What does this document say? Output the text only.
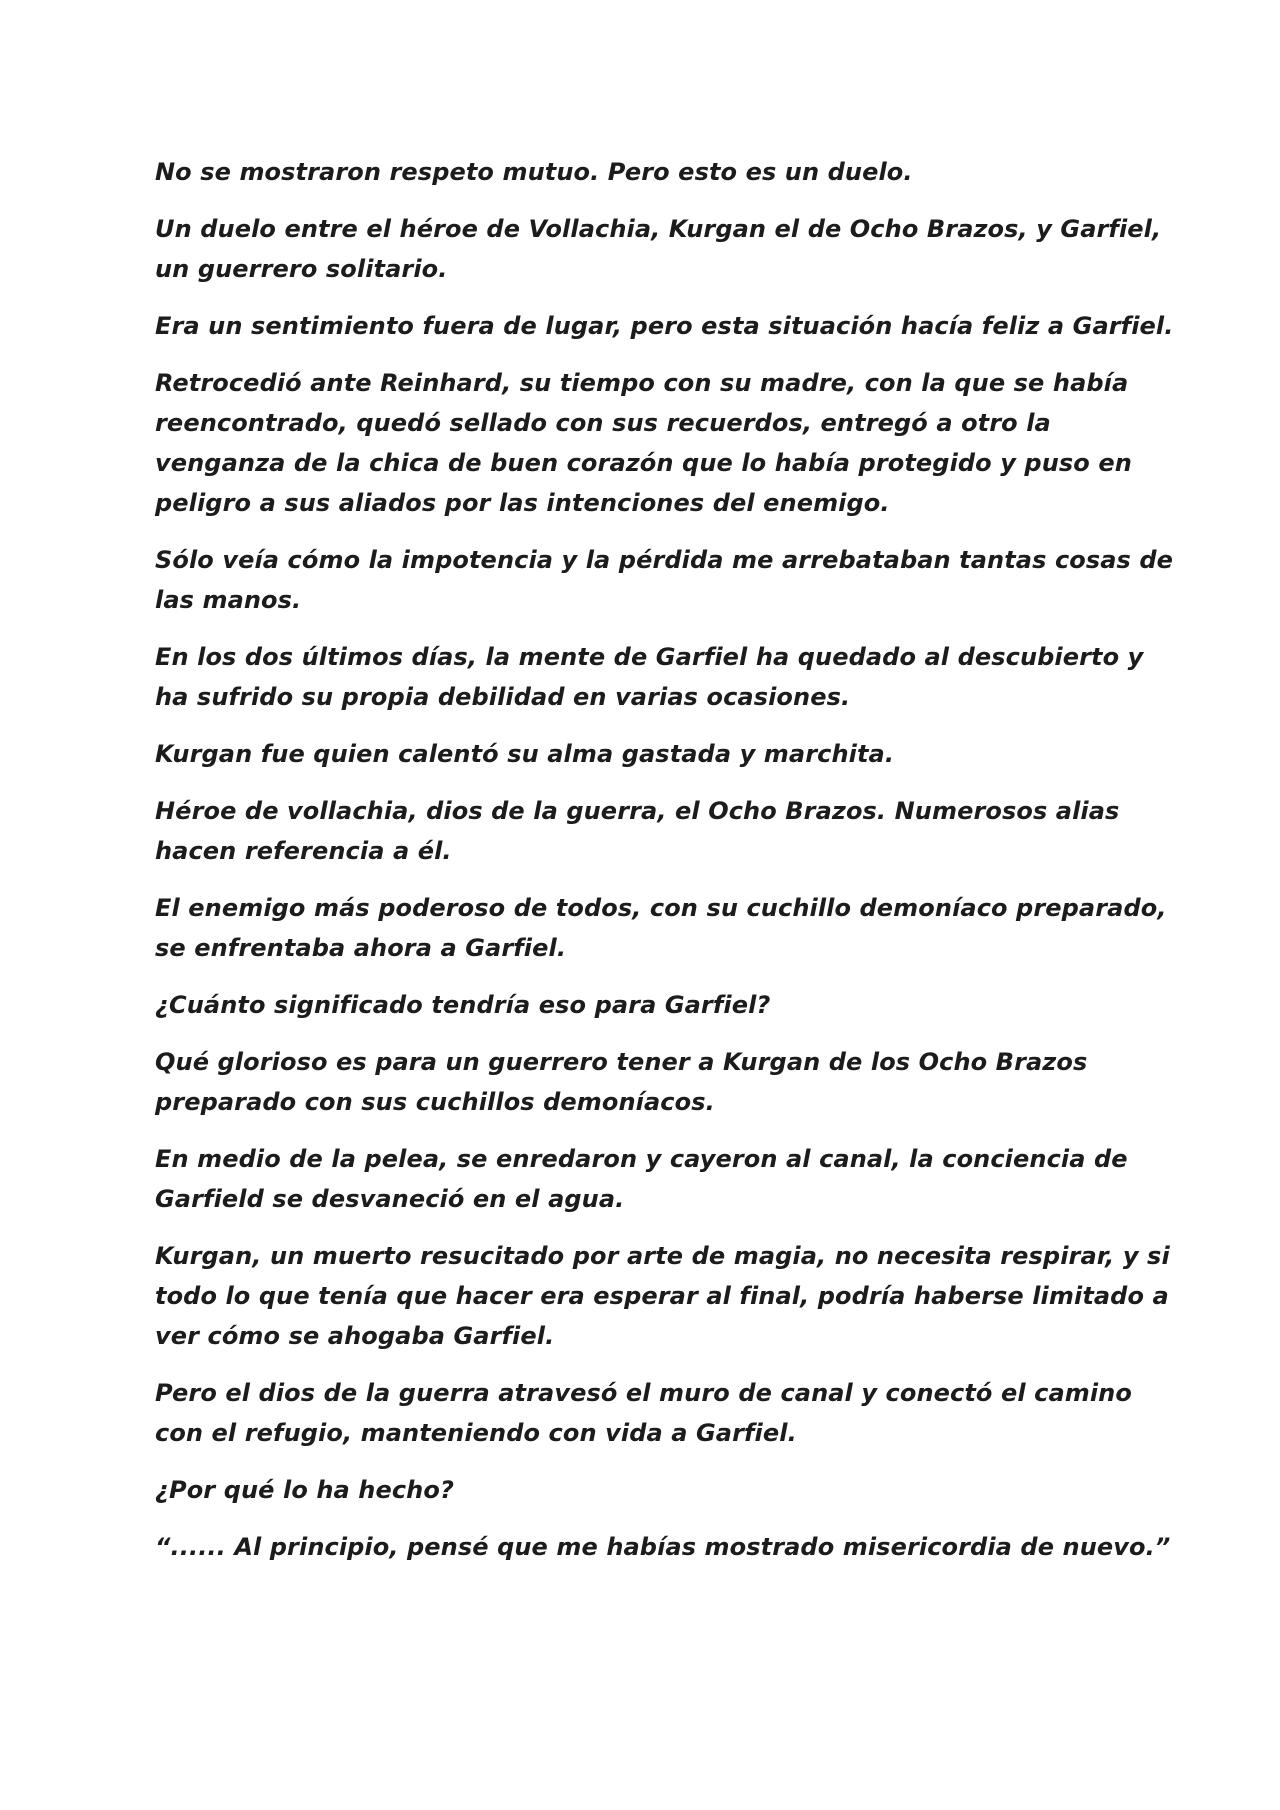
No se mostraron respeto mutuo. Pero esto es un duelo.

Un duelo entre el héroe de Vollachia, Kurgan el de Ocho Brazos, y Garfiel,
un guerrero solitario.

Era un sentimiento fuera de lugar, pero esta situación hacía feliz a Garfiel.

Retrocedió ante Reinhard, su tiempo con su madre, con la que se había
reencontrado, quedó sellado con sus recuerdos, entregó a otro la
venganza de la chica de buen corazón que lo había protegido y puso en
peligro a sus aliados por las intenciones del enemigo.

Sólo veía cómo la impotencia y la pérdida me arrebataban tantas cosas de
las manos.

En los dos últimos días, la mente de Garfiel ha quedado al descubierto y
ha sufrido su propia debilidad en varias ocasiones.

Kurgan fue quien calentó su alma gastada y marchita.

Héroe de vollachia, dios de la guerra, el Ocho Brazos. Numerosos alias
hacen referencia a él.

El enemigo más poderoso de todos, con su cuchillo demoníaco preparado,
se enfrentaba ahora a Garfiel.

¿Cuánto significado tendría eso para Garfiel?

Qué glorioso es para un guerrero tener a Kurgan de los Ocho Brazos
preparado con sus cuchillos demoníacos.

En medio de la pelea, se enredaron y cayeron al canal, la conciencia de
Garfield se desvaneció en el agua.

Kurgan, un muerto resucitado por arte de magia, no necesita respirar, y si
todo lo que tenía que hacer era esperar al final, podría haberse limitado a
ver cómo se ahogaba Garfiel.

Pero el dios de la guerra atravesó el muro de canal y conectó el camino
con el refugio, manteniendo con vida a Garfiel.

¿Por qué lo ha hecho?

“...... Al principio, pensé que me habías mostrado misericordia de nuevo.”
